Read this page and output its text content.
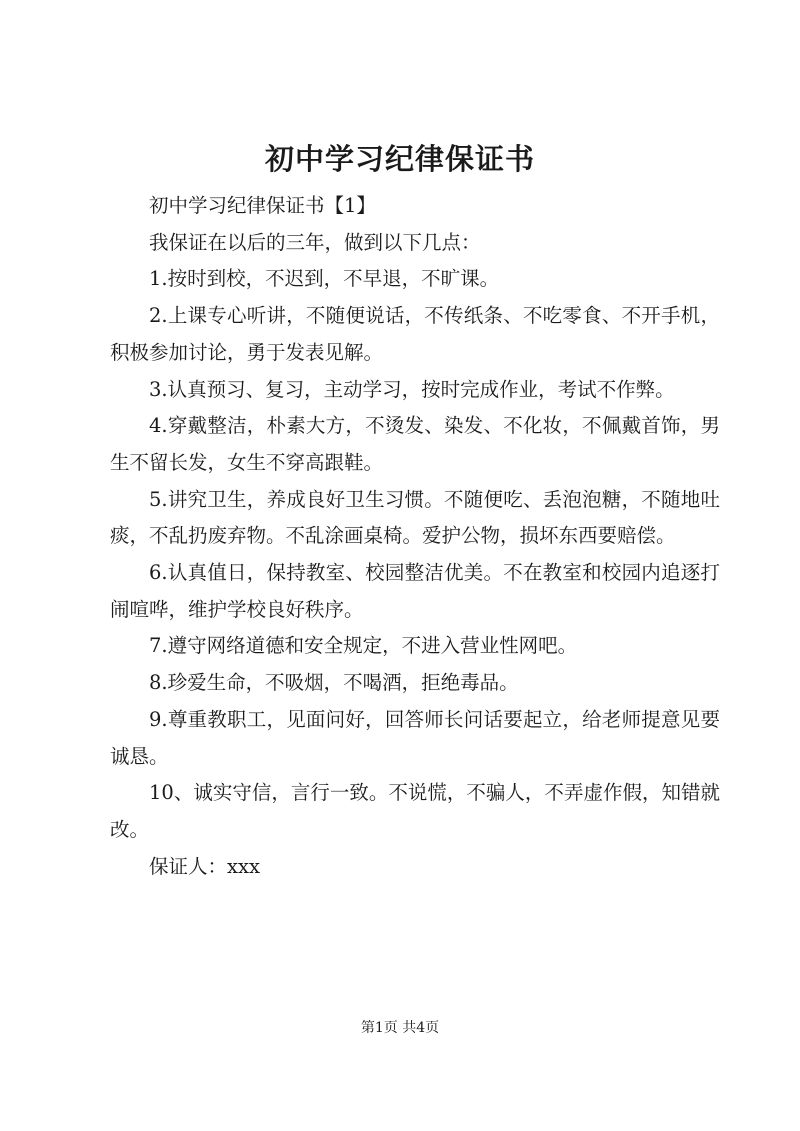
初中学习纪律保证书

初中学习纪律保证书【1】

我保证在以后的三年，做到以下几点：

1.按时到校，不迟到，不早退，不旷课。

2.上课专心听讲，不随便说话，不传纸条、不吃零食、不开手机，积极参加讨论，勇于发表见解。

3.认真预习、复习，主动学习，按时完成作业，考试不作弊。

4.穿戴整洁，朴素大方，不烫发、染发、不化妆，不佩戴首饰，男生不留长发，女生不穿高跟鞋。

5.讲究卫生，养成良好卫生习惯。不随便吃、丢泡泡糖，不随地吐痰，不乱扔废弃物。不乱涂画桌椅。爱护公物，损坏东西要赔偿。

6.认真值日，保持教室、校园整洁优美。不在教室和校园内追逐打闹喧哗，维护学校良好秩序。

7.遵守网络道德和安全规定，不进入营业性网吧。

8.珍爱生命，不吸烟，不喝酒，拒绝毒品。

9.尊重教职工，见面问好，回答师长问话要起立，给老师提意见要诚恳。

10、诚实守信，言行一致。不说慌，不骗人，不弄虚作假，知错就改。

保证人：xxx

第1页 共4页
